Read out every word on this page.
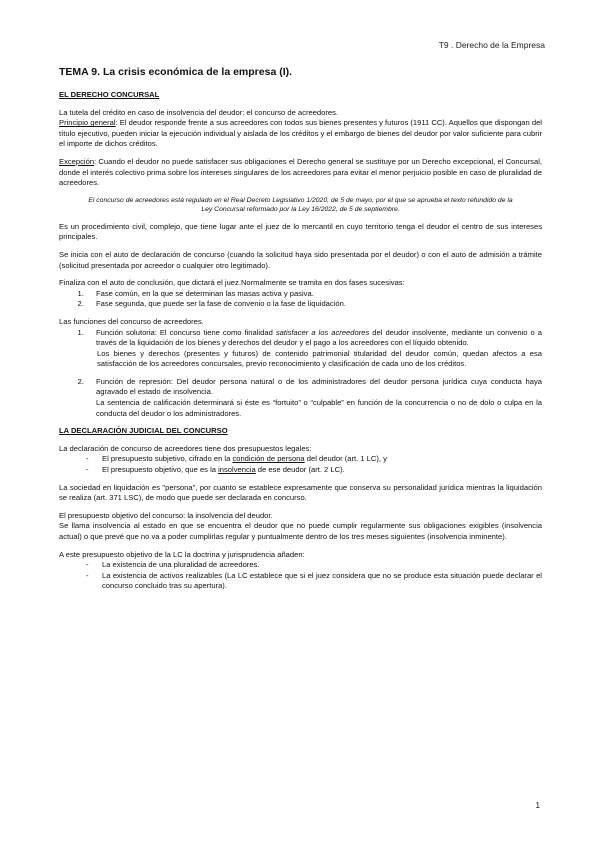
T9 . Derecho de la Empresa
TEMA 9. La crisis económica de la empresa (I).

EL DERECHO CONCURSAL

La tutela del crédito en caso de insolvencia del deudor: el concurso de acreedores.

Principio general: El deudor responde frente a sus acreedores con todos sus bienes presentes y futuros (1911 CC). Aquellos que dispongan del título ejecutivo, pueden iniciar la ejecución individual y aislada de los créditos y el embargo de bienes del deudor por valor suficiente para cubrir el importe de dichos créditos.

Excepción: Cuando el deudor no puede satisfacer sus obligaciones el Derecho general se sustituye por un Derecho excepcional, el Concursal, donde el interés colectivo prima sobre los intereses singulares de los acreedores para evitar el menor perjuicio posible en caso de pluralidad de acreedores.

El concurso de acreedores está regulado en el Real Decreto Legislativo 1/2020, de 5 de mayo, por el que se aprueba el texto refundido de la Ley Concursal reformado por la Ley 16/2022, de 5 de septiembre.

Es un procedimiento civil, complejo, que tiene lugar ante el juez de lo mercantil en cuyo territorio tenga el deudor el centro de sus intereses principales.

Se inicia con el auto de declaración de concurso (cuando la solicitud haya sido presentada por el deudor) o con el auto de admisión a trámite (solicitud presentada por acreedor o cualquier otro legitimado).

Finaliza con el auto de conclusión, que dictará el juez.Normalmente se tramita en dos fases sucesivas:

1. Fase común, en la que se determinan las masas activa y pasiva.
2. Fase segunda, que puede ser la fase de convenio o la fase de liquidación.

Las funciones del concurso de acreedores.

1. Función solutoria: El concurso tiene como finalidad satisfacer a los acreedores del deudor insolvente, mediante un convenio o a través de la liquidación de los bienes y derechos del deudor y el pago a los acreedores con el líquido obtenido.
Los bienes y derechos (presentes y futuros) de contenido patrimonial titularidad del deudor común, quedan afectos a esa satisfacción de los acreedores concursales, previo reconocimiento y clasificación de cada uno de los créditos.
2. Función de represión: Del deudor persona natural o de los administradores del deudor persona jurídica cuya conducta haya agravado el estado de insolvencia.
La sentencia de calificación determinará si éste es “fortuito” o “culpable” en función de la concurrencia o no de dolo o culpa en la conducta del deudor o los administradores.

LA DECLARACIÓN JUDICIAL DEL CONCURSO

La declaración de concurso de acreedores tiene dos presupuestos legales:

- El presupuesto subjetivo, cifrado en la condición de persona del deudor (art. 1 LC), y
- El presupuesto objetivo, que es la insolvencia de ese deudor (art. 2 LC).

La sociedad en liquidación es "persona", por cuanto se establece expresamente que conserva su personalidad jurídica mientras la liquidación se realiza (art. 371 LSC), de modo que puede ser declarada en concurso.

El presupuesto objetivo del concurso: la insolvencia del deudor.

Se llama insolvencia al estado en que se encuentra el deudor que no puede cumplir regularmente sus obligaciones exigibles (insolvencia actual) o que prevé que no va a poder cumplirlas regular y puntualmente dentro de los tres meses siguientes (insolvencia inminente).

A este presupuesto objetivo de la LC la doctrina y jurisprudencia añaden:

- La existencia de una pluralidad de acreedores.
- La existencia de activos realizables (La LC establece que si el juez considera que no se produce esta situación puede declarar el concurso concluido tras su apertura).
1
